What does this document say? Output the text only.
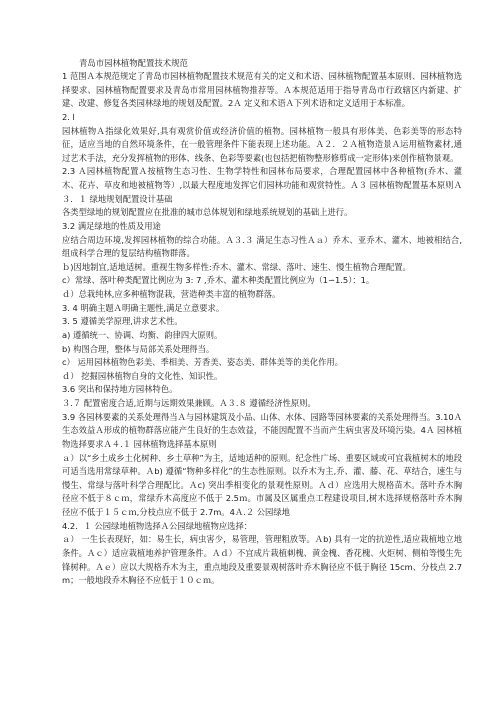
青岛市园林植物配置技术规范

1 范围Ａ本规范规定了青岛市园林植物配置技术规范有关的定义和术语、园林植物配置基本原则、园林植物选择要求、园林植物配置要求及青岛市常用园林植物推荐等。Ａ本规范适用于指导青岛市行政辖区内新建、扩建、改建、修复各类园林绿地的规划及配置。2Ａ 定义和术语Ａ下列术语和定义适用于本标准。

2. l

园林植物Ａ指绿化效果好,具有观赏价值或经济价值的植物。园林植物一般具有形体美、色彩美等的形态特征，适应当地的自然环境条件，在一般管理条件下能表现上述功能。Ａ２．２Ａ植物造景Ａ运用植物素材,通过艺术手法，充分发挥植物的形体、线条、色彩等要素(也包括把植物整形修剪成一定形体)来创作植物景观。

2.3 Ａ园林植物配置Ａ按植物生态习性、生物学特性和园林布局要求，合理配置园林中各种植物(乔木、灌木、花卉、草皮和地被植物等）,以最大程度地发挥它们园林功能和观赏特性。Ａ３ 园林植物配置基本原则Ａ３．１ 绿地规划配置设计基础

各类型绿地的规划配置应在批准的城市总体规划和绿地系统规划的基础上进行。

3.2 满足绿地的性质及用途

应结合周边环境,发挥园林植物的综合功能。Ａ３.３ 满足生态习性Ａａ）乔木、亚乔木、灌木、地被相结合,组成科学合理的复层结构植物群落。

ｂ)因地制宜,适地适树。重视生物多样性:乔木、灌木、常绿、落叶、速生、慢生植物合理配置。

c）常绿、落叶种类配置比例应为 3: 7 ,乔木、灌木种类配置比例应为（1∽1.5）：1。

ｄ）总栽纯林,应多种植物混栽，营造种类丰富的植物群落。

3. 4 明确主题Ａ明确主题性,满足立意要求。

3. 5 遵循美学原理,讲求艺术性。

a) 遵循统一、协调、均衡、韵律四大原则。

b) 构图合理，整体与局部关系处理得当。

c） 运用园林植物色彩美、季相美、芳香美、姿态美、群体美等的美化作用。

ｄ） 挖掘园林植物自身的文化性、知识性。

3.6 突出和保持地方园林特色。

３.７ 配置密度合适,近期与远期效果兼顾。Ａ３.８ 遵循经济性原则。

3.9 各园林要素的关系处理得当Ａ与园林建筑及小品、山体、水体、园路等园林要素的关系处理得当。3.10Ａ 生态效益Ａ形成的植物群落应能产生良好的生态效益，不能因配置不当而产生病虫害及环境污染。4Ａ 园林植物选择要求Ａ４.１ 园林植物选择基本原则

ａ）以“乡土成乡土化树种、乡土草种”为主，适地适种的原则。纪念性广场、重要区域或可宜栽植树木的地段可适当选用常绿草种。Ａb) 遵循“物种多样化”的生态性原则。以乔木为主,乔、灌、藤、花、草结合，速生与慢生、常绿与落叶科学合理配比。Ａc) 突出季相变化的景观性原则。Ａｄ）应选用大规格苗木。落叶乔木胸径应不低于８ｃｍ，常绿乔木高度应不低于 2.5ｍ。市属及区属重点工程建设项目,树木选择规格落叶乔木胸径应不低于１５ｃｍ,分枝点应不低于 2.7m。4Ａ.２ 公园绿地

4.2．１ 公园绿地植物选择Ａ公园绿地植物应选择：

ａ） 一生长表现好，如：易生长，病虫害少，易管理，管理粗放等。Ａb) 具有一定的抗逆性,适应栽植地立地条件。Ａｃ）适应栽植地养护管理条件。Ａｄ）不宜成片栽植刺槐、黄金槐、香花槐、火炬树、侧柏等慢生先锋树种。Ａｅ）应以大规格乔木为主，重点地段及重要景观树落叶乔木胸径应不低于胸径 15cm、分枝点 2.7m；一般地段乔木胸径不应低于１０ｃｍ。
